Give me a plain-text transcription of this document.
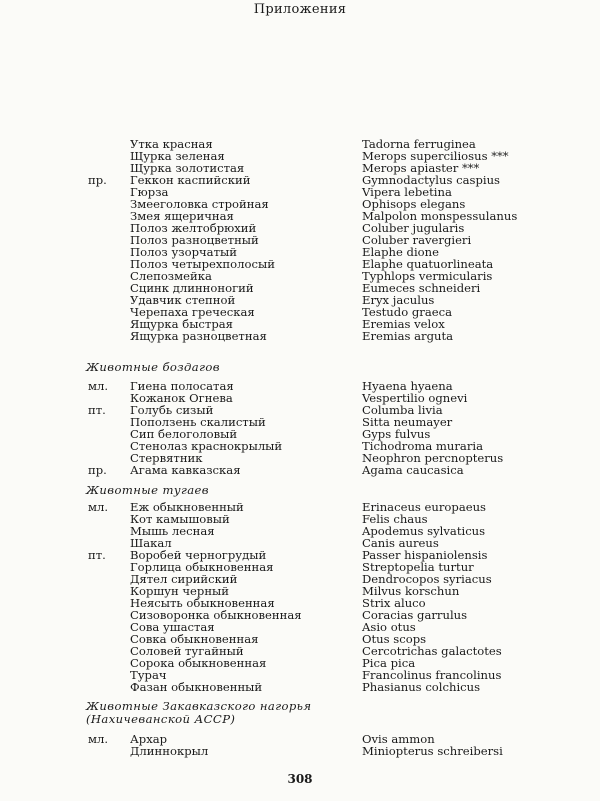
Приложения
Утка красная	Tadorna ferruginea
Щурка зеленая	Merops superciliosus ***
Щурка золотистая	Merops apiaster ***
пр. Геккон каспийский	Gymnodactylus caspius
Гюрза	Vipera lebetina
Змееголовка стройная	Ophisops elegans
Змея ящеричная	Malpolon monspessulanus
Полоз желтобрюхий	Coluber jugularis
Полоз разноцветный	Coluber ravergieri
Полоз узорчатый	Elaphe dione
Полоз четырехполосый	Elaphe quatuorlineata
Слепозмейка	Typhlops vermicularis
Сцинк длинноногий	Eumeces schneideri
Удавчик степной	Eryx jaculus
Черепаха греческая	Testudo graeca
Ящурка быстрая	Eremias velox
Ящурка разноцветная	Eremias arguta
Животные боздагов
мл. Гиена полосатая	Hyaena hyaena
Кожанок Огнева	Vespertilio ognevi
пт. Голубь сизый	Columba livia
Поползень скалистый	Sitta neumayer
Сип белоголовый	Gyps fulvus
Стенолаз краснокрылый	Tichodroma muraria
Стервятник	Neophron percnopterus
пр. Агама кавказская	Agama caucasica
Животные тугаев
мл. Еж обыкновенный	Erinaceus europaeus
Кот камышовый	Felis chaus
Мышь лесная	Apodemus sylvaticus
Шакал	Canis aureus
пт. Воробей черногрудый	Passer hispaniolensis
Горлица обыкновенная	Streptopelia turtur
Дятел сирийский	Dendrocopos syriacus
Коршун черный	Milvus korschun
Неясыть обыкновенная	Strix aluco
Сизоворонка обыкновенная	Coracias garrulus
Сова ушастая	Asio otus
Совка обыкновенная	Otus scops
Соловей тугайный	Cercotrichas galactotes
Сорока обыкновенная	Pica pica
Турач	Francolinus francolinus
Фазан обыкновенный	Phasianus colchicus
Животные Закавказского нагорья
(Нахичеванской АССР)
мл. Архар	Ovis ammon
Длиннокрыл	Miniopterus schreibersi
308
